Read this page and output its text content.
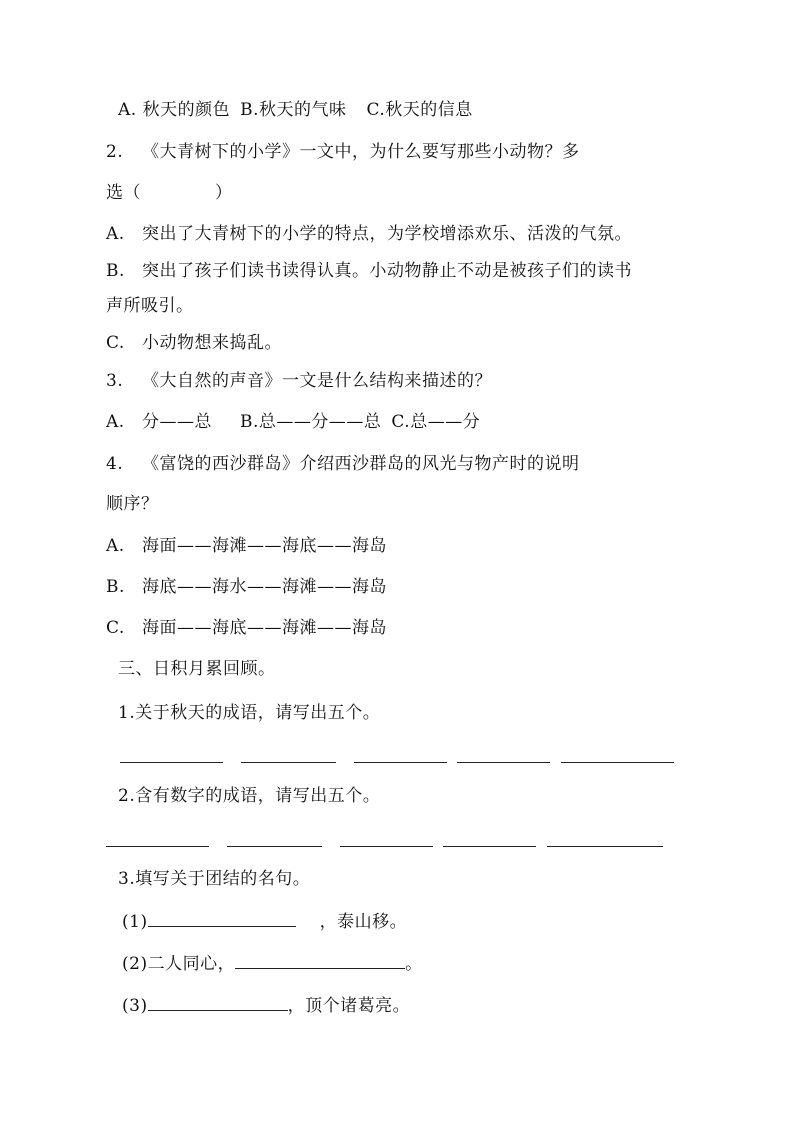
A. 秋天的颜色 B.秋天的气味 C.秋天的信息
2. 《大青树下的小学》一文中，为什么要写那些小动物？多
选（	）
A. 突出了大青树下的小学的特点，为学校增添欢乐、活泼的气氛。
B. 突出了孩子们读书读得认真。小动物静止不动是被孩子们的读书
声所吸引。
C. 小动物想来捣乱。
3. 《大自然的声音》一文是什么结构来描述的？
A. 分——总 B.总——分——总 C.总——分
4. 《富饶的西沙群岛》介绍西沙群岛的风光与物产时的说明
顺序？
A. 海面——海滩——海底——海岛
B. 海底——海水——海滩——海岛
C. 海面——海底——海滩——海岛
三、日积月累回顾。
1.关于秋天的成语，请写出五个。
2.含有数字的成语，请写出五个。
3.填写关于团结的名句。
(1)	，泰山移。
(2)二人同心，	。
(3)	，顶个诸葛亮。
